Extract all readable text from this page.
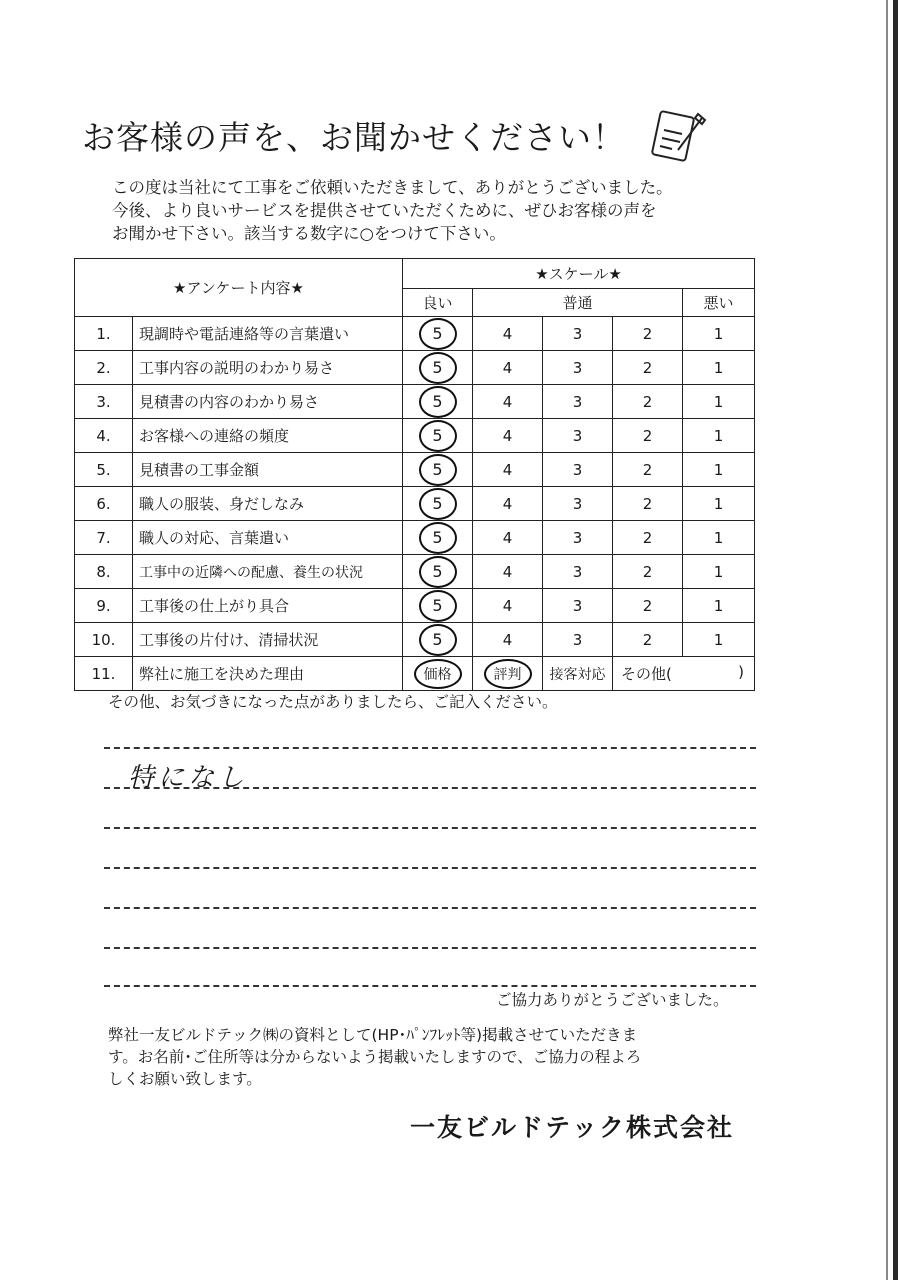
お客様の声を、お聞かせください！
この度は当社にて工事をご依頼いただきまして、ありがとうございました。
今後、より良いサービスを提供させていただくために、ぜひお客様の声を
お聞かせ下さい。該当する数字に○をつけて下さい。
★アンケート内容★		★スケール★				
		良い	普通			悪い
1.	現調時や電話連絡等の言葉遣い	5	4	3	2	1
2.	工事内容の説明のわかり易さ	5	4	3	2	1
3.	見積書の内容のわかり易さ	5	4	3	2	1
4.	お客様への連絡の頻度	5	4	3	2	1
5.	見積書の工事金額	5	4	3	2	1
6.	職人の服装、身だしなみ	5	4	3	2	1
7.	職人の対応、言葉遣い	5	4	3	2	1
8.	工事中の近隣への配慮、養生の状況	5	4	3	2	1
9.	工事後の仕上がり具合	5	4	3	2	1
10.	工事後の片付け、清掃状況	5	4	3	2	1
11.	弊社に施工を決めた理由	価格	評判	接客対応	その他( )	
その他、お気づきになった点がありましたら、ご記入ください。
特になし
ご協力ありがとうございました。
弊社一友ビルドテック㈱の資料として(HP･ﾊﾟﾝﾌﾚｯﾄ等)掲載させていただきま
す。お名前･ご住所等は分からないよう掲載いたしますので、ご協力の程よろ
しくお願い致します。
一友ビルドテック株式会社
